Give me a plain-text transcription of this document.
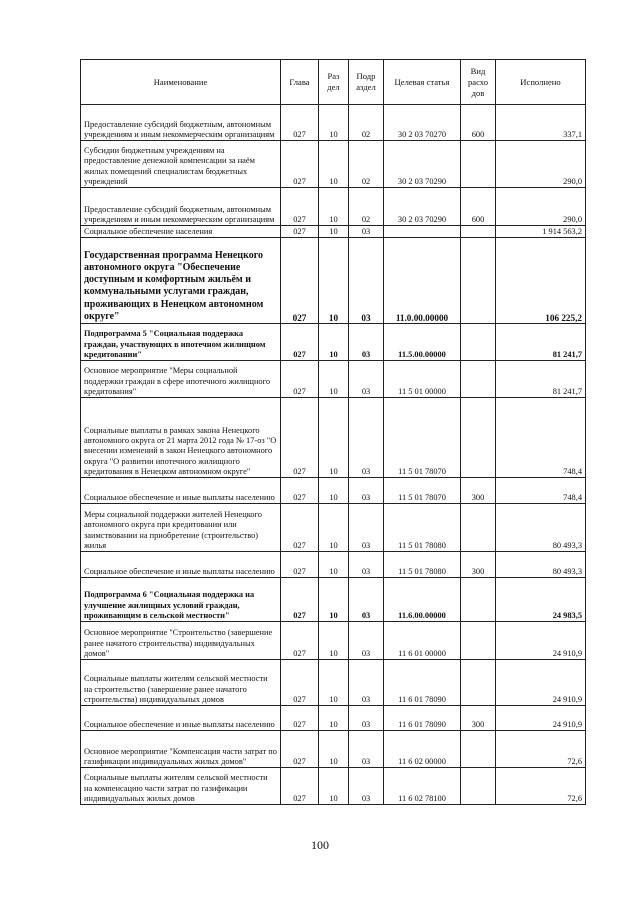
Наименование	Глава	Раз дел	Подр аздел	Целевая статья	Вид расхо дов	Исполнено
Предоставление субсидий бюджетным, автономным учреждениям и иным некоммерческим организациям	027	10	02	30 2 03 70270	600	337,1
Субсидии бюджетным учреждениям на предоставление денежной компенсации за наём жилых помещений специалистам бюджетных учреждений	027	10	02	30 2 03 70290		290,0
Предоставление субсидий бюджетным, автономным учреждениям и иным некоммерческим организациям	027	10	02	30 2 03 70290	600	290,0
Социальное обеспечение населения	027	10	03			1 914 563,2
Государственная программа Ненецкого автономного округа "Обеспечение доступным и комфортным жильём и коммунальными услугами граждан, проживающих в Ненецком автономном округе"	027	10	03	11.0.00.00000		106 225,2
Подпрограмма 5 "Социальная поддержка граждан, участвующих в ипотечном жилищном кредитовании"	027	10	03	11.5.00.00000		81 241,7
Основное мероприятие "Меры социальной поддержки граждан в сфере ипотечного жилищного кредитования"	027	10	03	11 5 01 00000		81 241,7
Социальные выплаты в рамках закона Ненецкого автономного округа от 21 марта 2012 года № 17-оз "О внесении изменений в закон Ненецкого автономного округа "О развитии ипотечного жилищного кредитования в Ненецком автономном округе"	027	10	03	11 5 01 78070		748,4
Социальное обеспечение и иные выплаты населению	027	10	03	11 5 01 78070	300	748,4
Меры социальной поддержки жителей Ненецкого автономного округа при кредитовании или заимствовании на приобретение (строительство) жилья	027	10	03	11 5 01 78080		80 493,3
Социальное обеспечение и иные выплаты населению	027	10	03	11 5 01 78080	300	80 493,3
Подпрограмма 6 "Социальная поддержка на улучшение жилищных условий граждан, проживающим в сельской местности"	027	10	03	11.6.00.00000		24 983,5
Основное мероприятие "Строительство (завершение ранее начатого строительства) индивидуальных домов"	027	10	03	11 6 01 00000		24 910,9
Социальные выплаты жителям сельской местности на строительство (завершение ранее начатого строительства) индивидуальных домов	027	10	03	11 6 01 78090		24 910,9
Социальное обеспечение и иные выплаты населению	027	10	03	11 6 01 78090	300	24 910,9
Основное мероприятие "Компенсация части затрат по газификации индивидуальных жилых домов"	027	10	03	11 6 02 00000		72,6
Социальные выплаты жителям сельской местности на компенсацию части затрат по газификации индивидуальных жилых домов	027	10	03	11 6 02 78100		72,6
100
